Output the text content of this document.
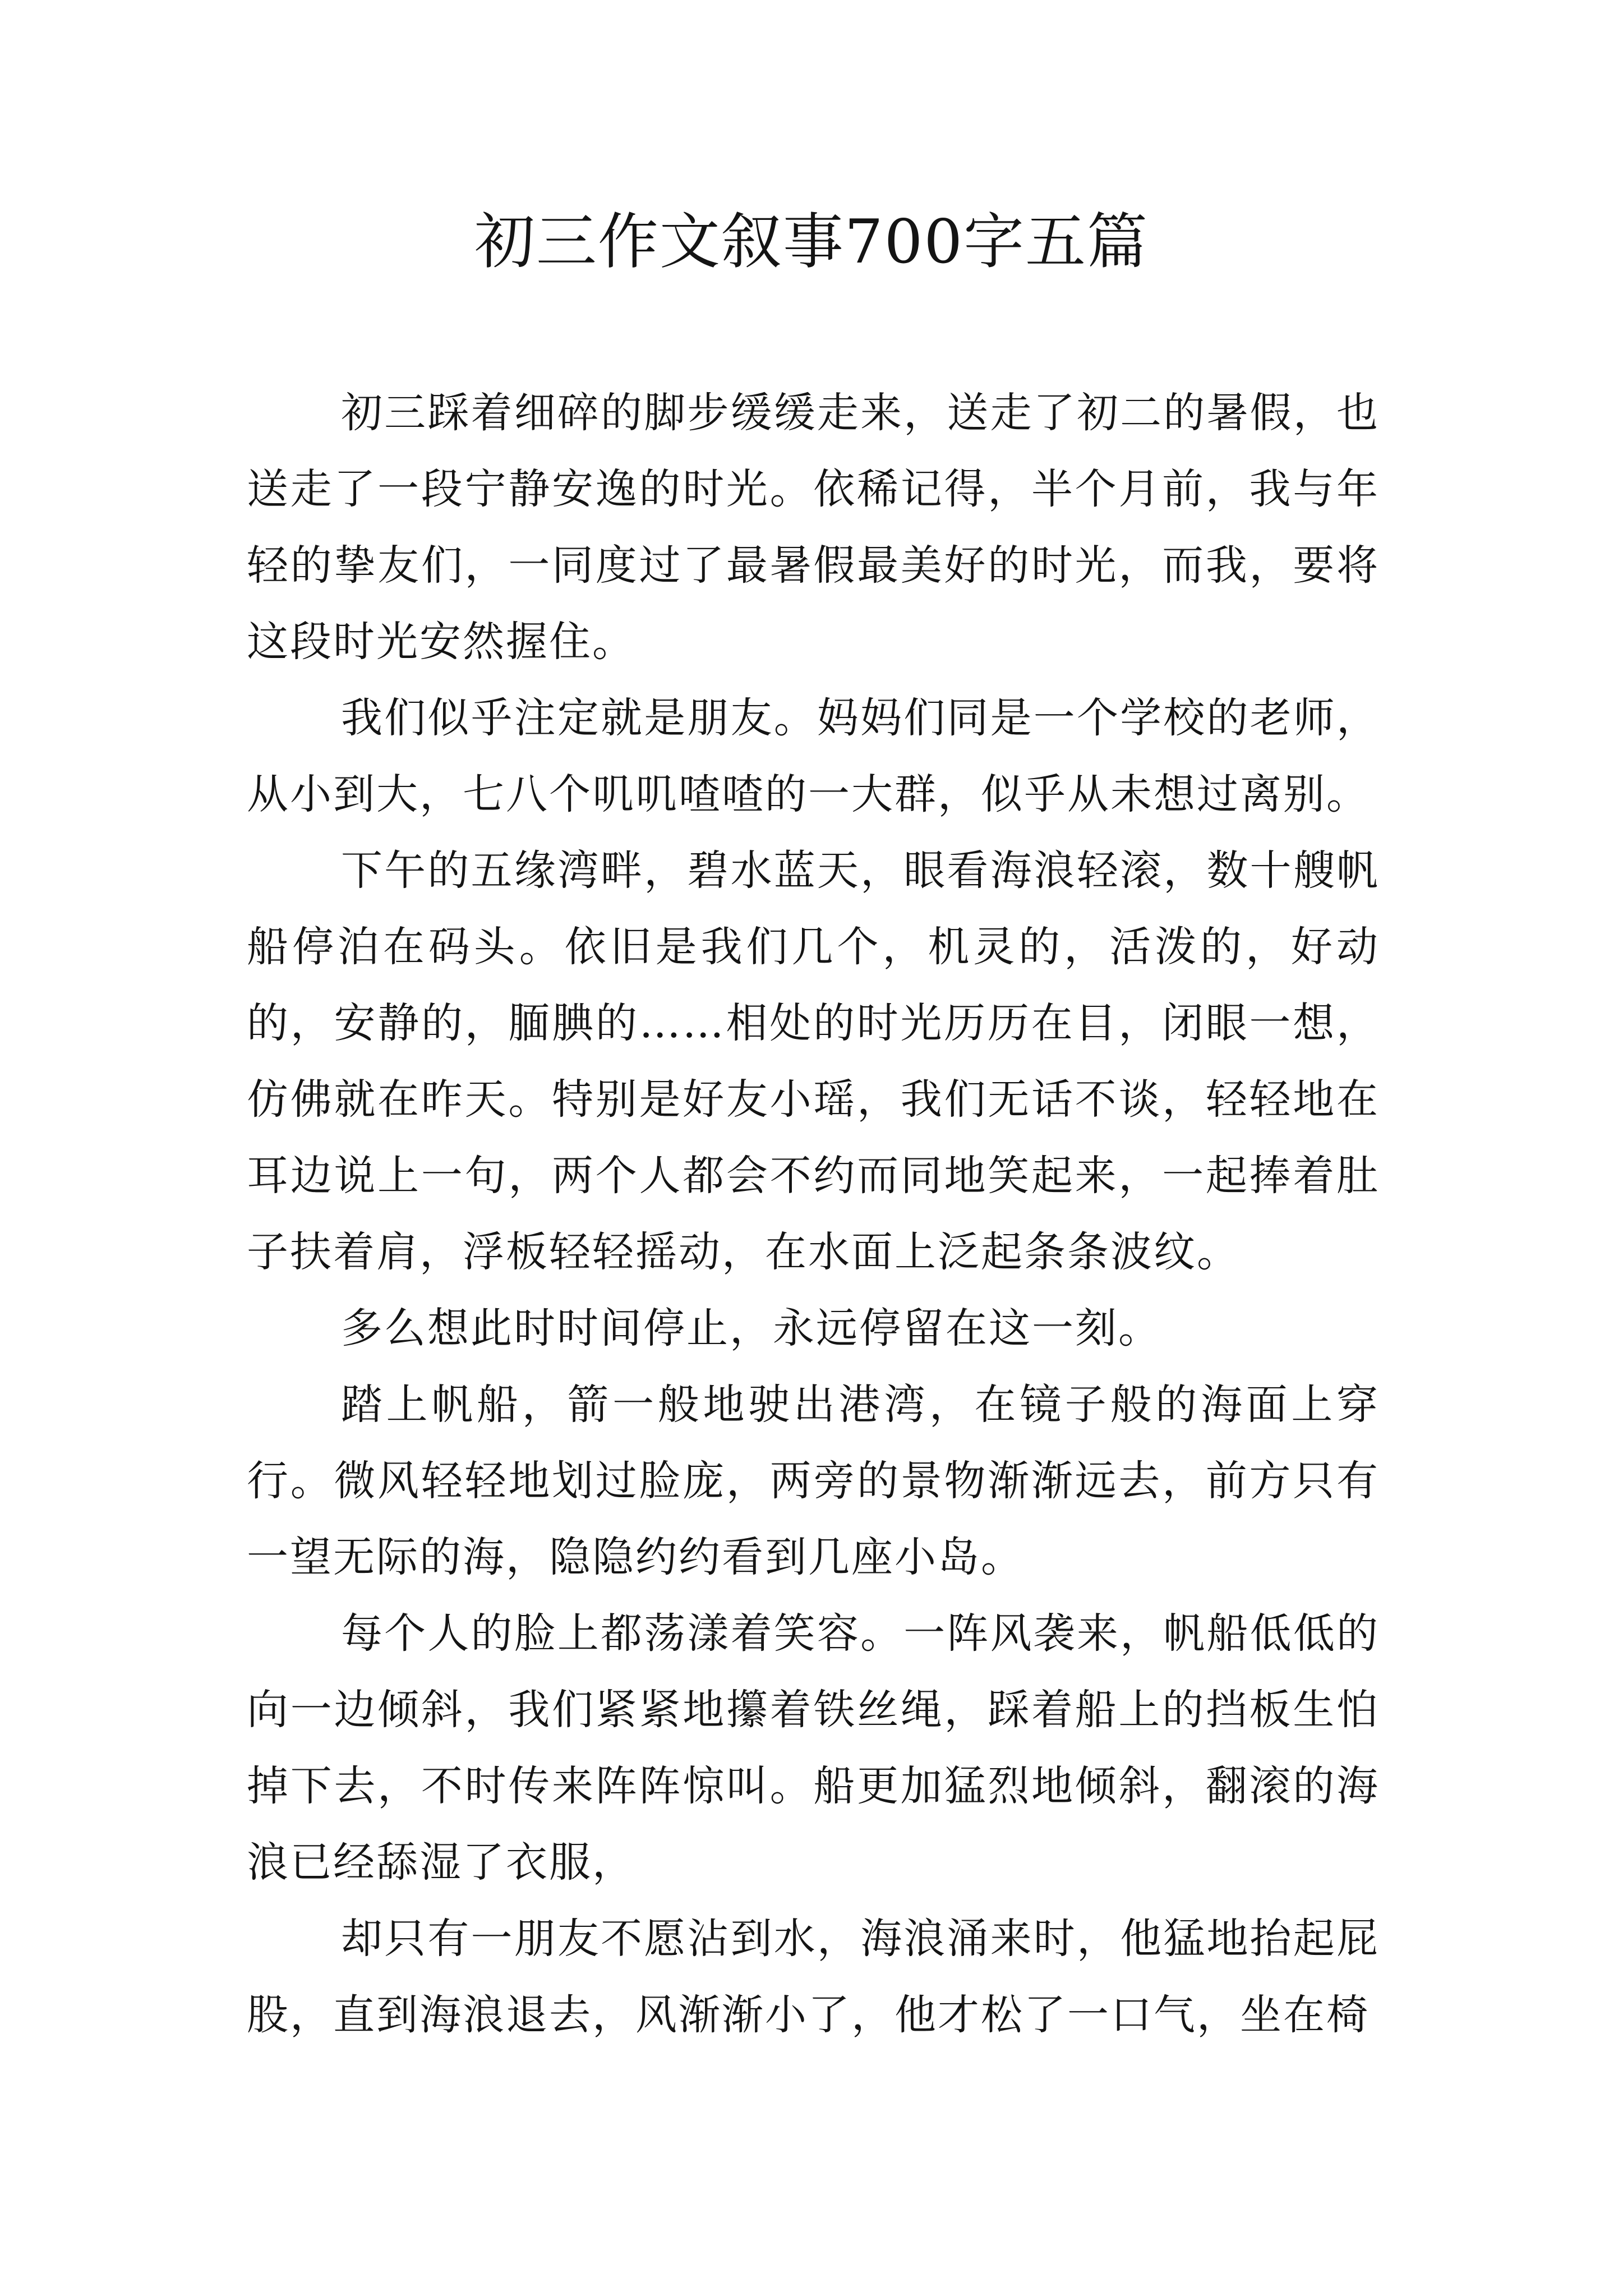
初三作文叙事700字五篇

初三踩着细碎的脚步缓缓走来，送走了初二的暑假，也送走了一段宁静安逸的时光。依稀记得，半个月前，我与年轻的挚友们，一同度过了最暑假最美好的时光，而我，要将这段时光安然握住。

我们似乎注定就是朋友。妈妈们同是一个学校的老师，从小到大，七八个叽叽喳喳的一大群，似乎从未想过离别。

下午的五缘湾畔，碧水蓝天，眼看海浪轻滚，数十艘帆船停泊在码头。依旧是我们几个，机灵的，活泼的，好动的，安静的，腼腆的……相处的时光历历在目，闭眼一想，仿佛就在昨天。特别是好友小瑶，我们无话不谈，轻轻地在耳边说上一句，两个人都会不约而同地笑起来，一起捧着肚子扶着肩，浮板轻轻摇动，在水面上泛起条条波纹。

多么想此时时间停止，永远停留在这一刻。

踏上帆船，箭一般地驶出港湾，在镜子般的海面上穿行。微风轻轻地划过脸庞，两旁的景物渐渐远去，前方只有一望无际的海，隐隐约约看到几座小岛。

每个人的脸上都荡漾着笑容。一阵风袭来，帆船低低的向一边倾斜，我们紧紧地攥着铁丝绳，踩着船上的挡板生怕掉下去，不时传来阵阵惊叫。船更加猛烈地倾斜，翻滚的海浪已经舔湿了衣服，

却只有一朋友不愿沾到水，海浪涌来时，他猛地抬起屁股，直到海浪退去，风渐渐小了，他才松了一口气，坐在椅
